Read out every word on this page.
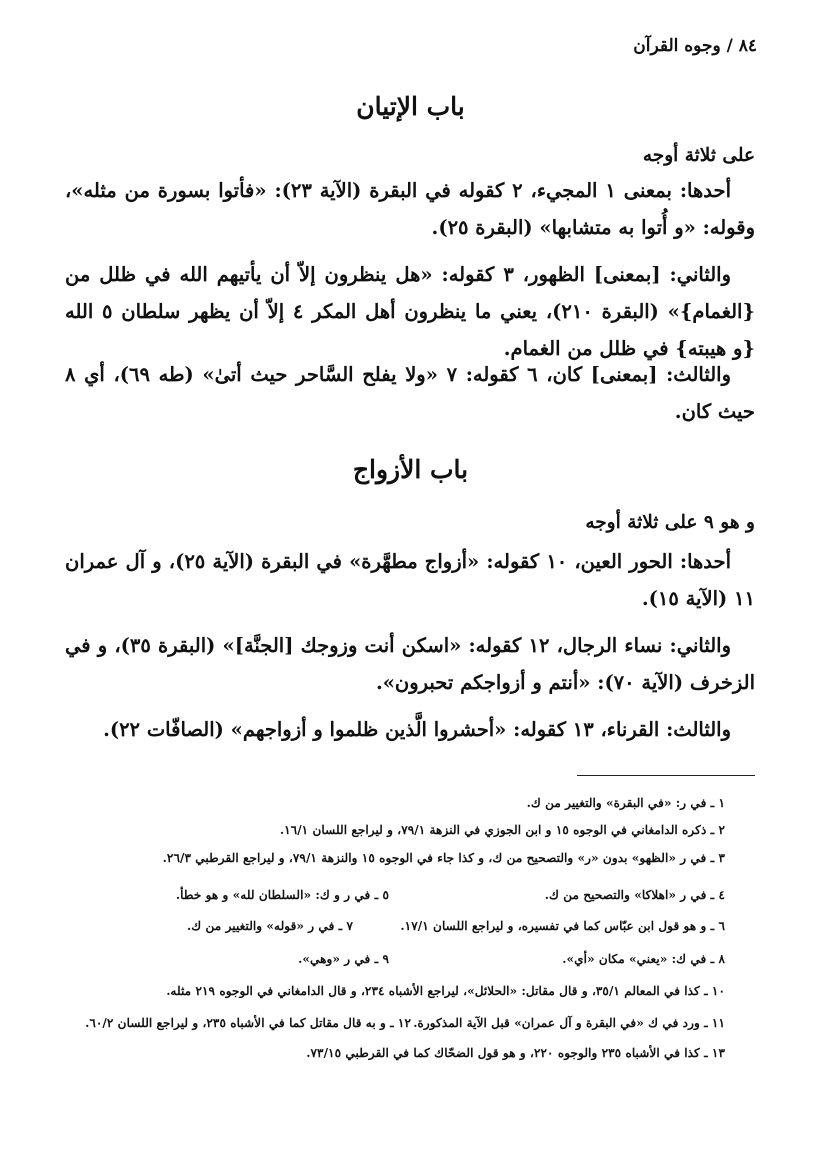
٨٤ / وجوه القرآن
باب الإتيان
على ثلاثة أوجه
أحدها: بمعنى ١ المجيء، ٢ كقوله في البقرة (الآية ٢٣): «فأتوا بسورة من مثله»، وقوله: «و أُتوا به متشابها» (البقرة ٢٥).
والثاني: [بمعنى] الظهور، ٣ كقوله: «هل ينظرون إلاّ أن يأتيهم الله في ظلل من {الغمام}» (البقرة ٢١٠)، يعني ما ينظرون أهل المكر ٤ إلاّ أن يظهر سلطان ٥ الله {و هيبته} في ظلل من الغمام.
والثالث: [بمعنى] كان، ٦ كقوله: ٧ «ولا يفلح السَّاحر حيث أتىٰ» (طه ٦٩)، أي ٨ حيث كان.
باب الأزواج
و هو ٩ على ثلاثة أوجه
أحدها: الحور العين، ١٠ كقوله: «أزواج مطهَّرة» في البقرة (الآية ٢٥)، و آل عمران ١١ (الآية ١٥).
والثاني: نساء الرجال، ١٢ كقوله: «اسكن أنت وزوجك [الجنَّة]» (البقرة ٣٥)، و في الزخرف (الآية ٧٠): «أنتم و أزواجكم تحبرون».
والثالث: القرناء، ١٣ كقوله: «أحشروا الَّذين ظلموا و أزواجهم» (الصافّات ٢٢).
١ ـ في ر: «في البقرة» والتغيير من ك.
٢ ـ ذكره الدامغاني في الوجوه ١٥ و ابن الجوزي في النزهة ٧٩/١، و ليراجع اللسان ١٦/١.
٣ ـ في ر «الظهو» بدون «ر» والتصحيح من ك، و كذا جاء في الوجوه ١٥ والنزهة ٧٩/١، و ليراجع القرطبي ٢٦/٣.
٤ ـ في ر «اهلاكا» والتصحيح من ك.
٥ ـ في ر و ك: «السلطان لله» و هو خطأ.
٦ ـ و هو قول ابن عبّاس كما في تفسيره، و ليراجع اللسان ١٧/١.
٧ ـ في ر «قوله» والتغيير من ك.
٨ ـ في ك: «يعني» مكان «أي».
٩ ـ في ر «وهي».
١٠ ـ كذا في المعالم ٣٥/١، و قال مقاتل: «الحلائل»، ليراجع الأشباه ٢٣٤، و قال الدامغاني في الوجوه ٢١٩ مثله.
١١ ـ ورد في ك «في البقرة و آل عمران» قبل الآية المذكورة.
١٢ ـ و به قال مقاتل كما في الأشباه ٢٣٥، و ليراجع اللسان ٦٠/٢.
١٣ ـ كذا في الأشباه ٢٣٥ والوجوه ٢٢٠، و هو قول الضحّاك كما في القرطبي ٧٣/١٥.
